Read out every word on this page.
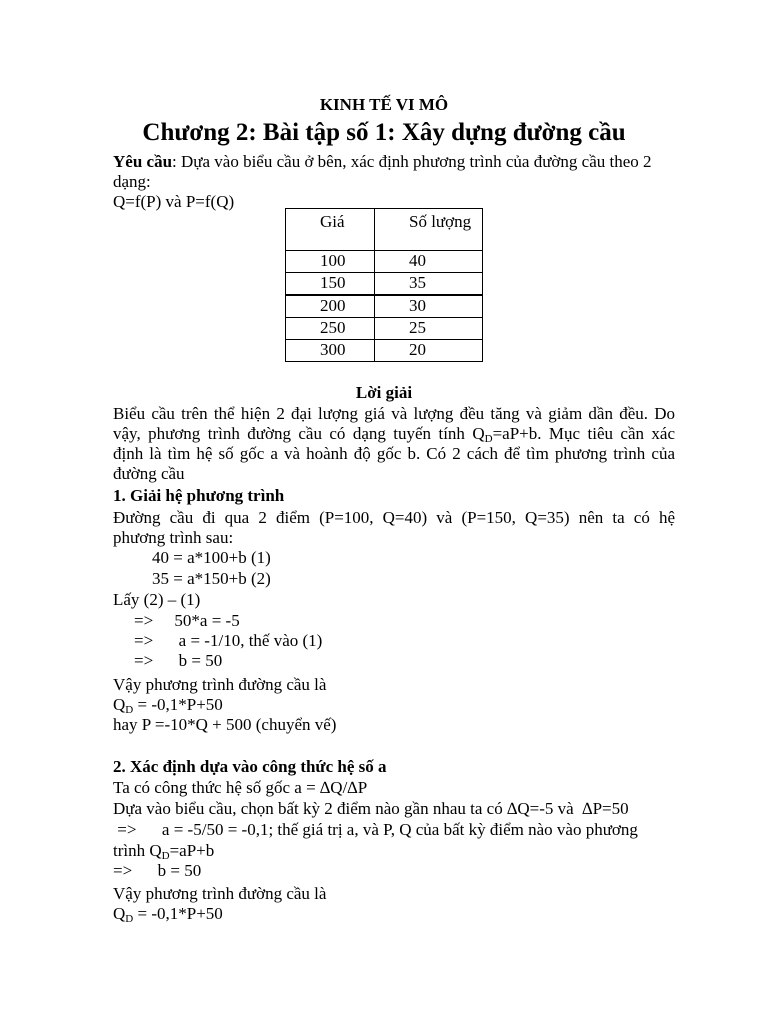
KINH TẾ VI MÔ
Chương 2: Bài tập số 1: Xây dựng đường cầu
Yêu cầu: Dựa vào biểu cầu ở bên, xác định phương trình của đường cầu theo 2
dạng:
Q=f(P) và P=f(Q)
Giá	Số lượng
100	40
150	35
200	30
250	25
300	20
Lời giải
Biểu cầu trên thể hiện 2 đại lượng giá và lượng đều tăng và giảm dần đều. Do
vậy, phương trình đường cầu có dạng tuyến tính $Q_D=aP+b$. Mục tiêu cần xác
định là tìm hệ số gốc a và hoành độ gốc b. Có 2 cách để tìm phương trình của
đường cầu
1. Giải hệ phương trình
Đường cầu đi qua 2 điểm (P=100, Q=40) và (P=150, Q=35) nên ta có hệ
phương trình sau:
40 = a*100+b (1)
35 = a*150+b (2)
Lấy (2) – (1)
=>     50*a = -5
=>      a = -1/10, thế vào (1)
=>      b = 50
Vậy phương trình đường cầu là
$Q_D = -0,1*P+50$
hay P =-10*Q + 500 (chuyển vế)
2. Xác định dựa vào công thức hệ số a
Ta có công thức hệ số gốc a = ∆Q/∆P
Dựa vào biểu cầu, chọn bất kỳ 2 điểm nào gần nhau ta có ∆Q=-5 và  ∆P=50
=>      a = -5/50 = -0,1; thế giá trị a, và P, Q của bất kỳ điểm nào vào phương
trình $Q_D=aP+b$
=>      b = 50
Vậy phương trình đường cầu là
$Q_D = -0,1*P+50$
